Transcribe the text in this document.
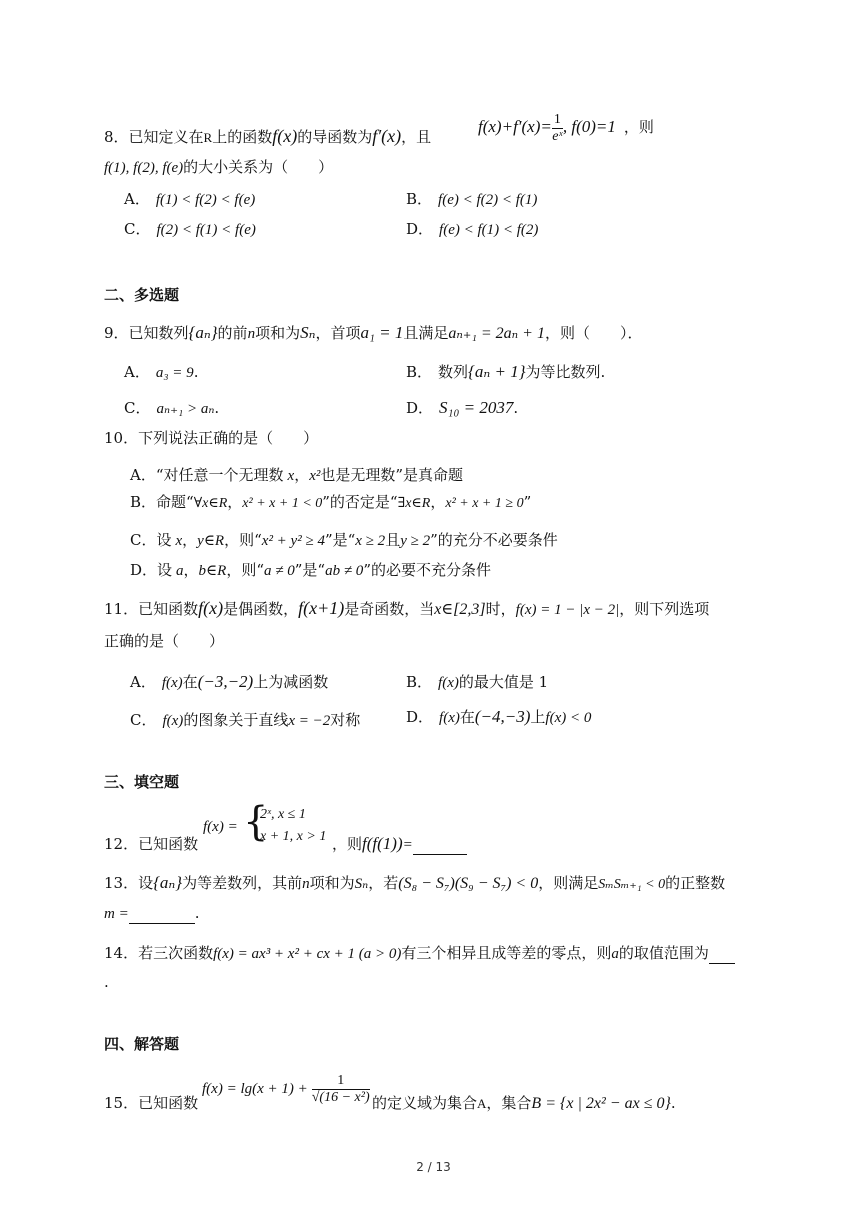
8．已知定义在R上的函数f(x)的导函数为f′(x)，且
$f(x)+f'(x)= \frac{1}{\text{eˣ}}$ , f(0)=1 ，则
f(1), f(2), f(e)的大小关系为（　　）
A． f(1) < f(2) < f(e)	B． f(e) < f(2) < f(1)
C． f(2) < f(1) < f(e)	D． f(e) < f(1) < f(2)
二、多选题
9．已知数列{aₙ}的前n项和为Sₙ，首项a₁ = 1且满足aₙ₊₁ = 2aₙ + 1，则（　　）．
A． a₃ = 9.	B． 数列{aₙ + 1}为等比数列.
C． aₙ₊₁ > aₙ.	D． S₁₀ = 2037.
10．下列说法正确的是（　　）
A．“对任意一个无理数 x，x²也是无理数”是真命题
B．命题“∀x∈R，x² + x + 1 < 0”的否定是“∃x∈R，x² + x + 1 ≥ 0”
C．设 x，y∈R，则“x² + y² ≥ 4”是“x ≥ 2且y ≥ 2”的充分不必要条件
D．设 a，b∈R，则“a ≠ 0”是“ab ≠ 0”的必要不充分条件
11．已知函数f(x)是偶函数，f(x+1)是奇函数，当x∈[2,3]时，f(x) = 1 − |x − 2|，则下列选项
正确的是（　　）
A． f(x)在(−3,−2)上为减函数	B． f(x)的最大值是 1
C． f(x)的图象关于直线x = −2对称	D． f(x)在(−4,−3)上f(x) < 0
三、填空题
12．已知函数
f(x) = {
2ˣ, x ≤ 1
x + 1, x > 1 ，则f(f(1))=
13．设{aₙ}为等差数列，其前n项和为Sₙ，若(S₈ − S₇)(S₉ − S₇) < 0，则满足SₘSₘ₊₁ < 0的正整数
m =	.
14．若三次函数f(x) = ax³ + x² + cx + 1 (a > 0)有三个相异且成等差的零点，则a的取值范围为
.
四、解答题
15．已知函数
$f(x) = \lg(x + 1) + \frac{1}{\text{√(16 − x²)}}$ 的定义域为集合A，集合B = {x | 2x² − ax ≤ 0}.
2 / 13
